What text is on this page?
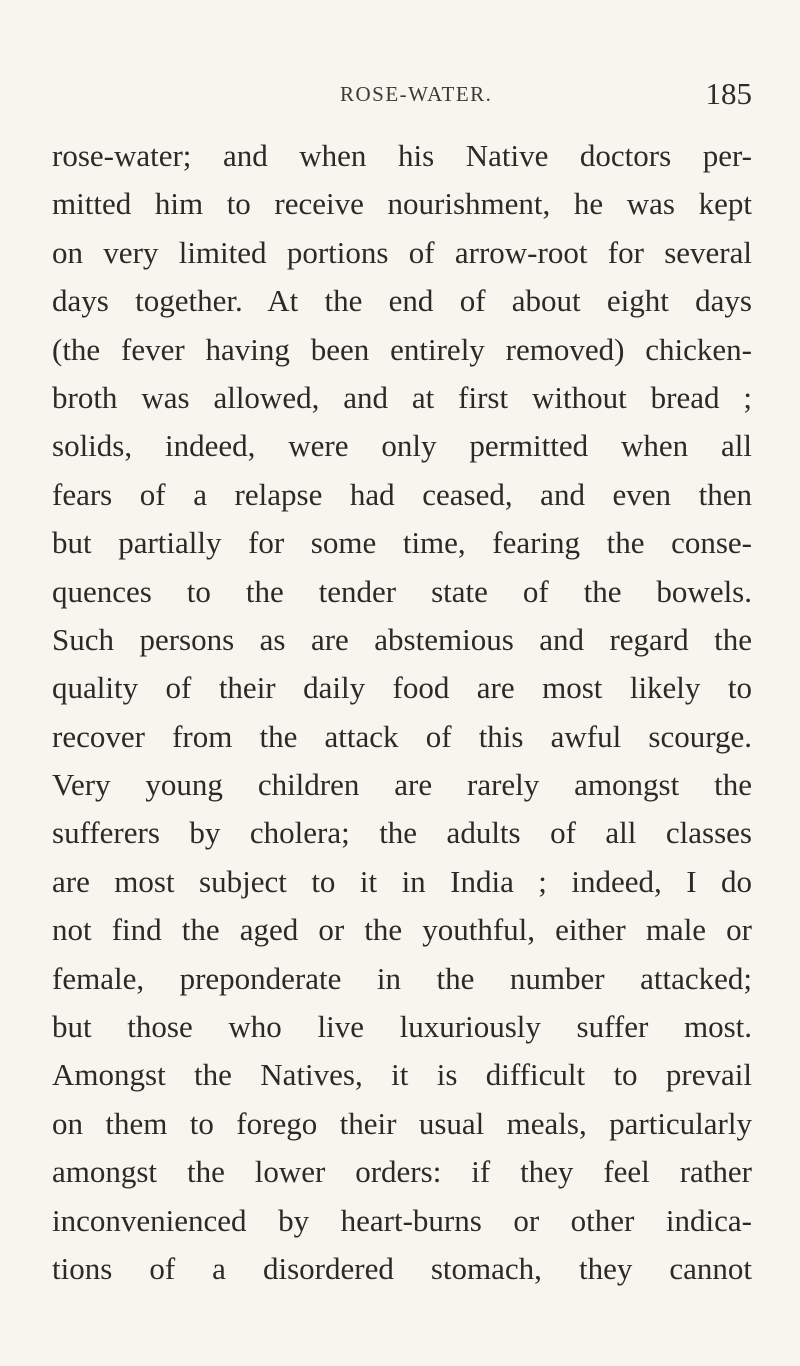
ROSE-WATER.	185
rose-water; and when his Native doctors per-
mitted him to receive nourishment, he was kept
on very limited portions of arrow-root for several
days together. At the end of about eight days
(the fever having been entirely removed) chicken-
broth was allowed, and at first without bread ;
solids, indeed, were only permitted when all
fears of a relapse had ceased, and even then
but partially for some time, fearing the conse-
quences to the tender state of the bowels.
Such persons as are abstemious and regard the
quality of their daily food are most likely to
recover from the attack of this awful scourge.
Very young children are rarely amongst the
sufferers by cholera; the adults of all classes
are most subject to it in India ; indeed, I do
not find the aged or the youthful, either male or
female, preponderate in the number attacked;
but those who live luxuriously suffer most.
Amongst the Natives, it is difficult to prevail
on them to forego their usual meals, particularly
amongst the lower orders: if they feel rather
inconvenienced by heart-burns or other indica-
tions of a disordered stomach, they cannot
